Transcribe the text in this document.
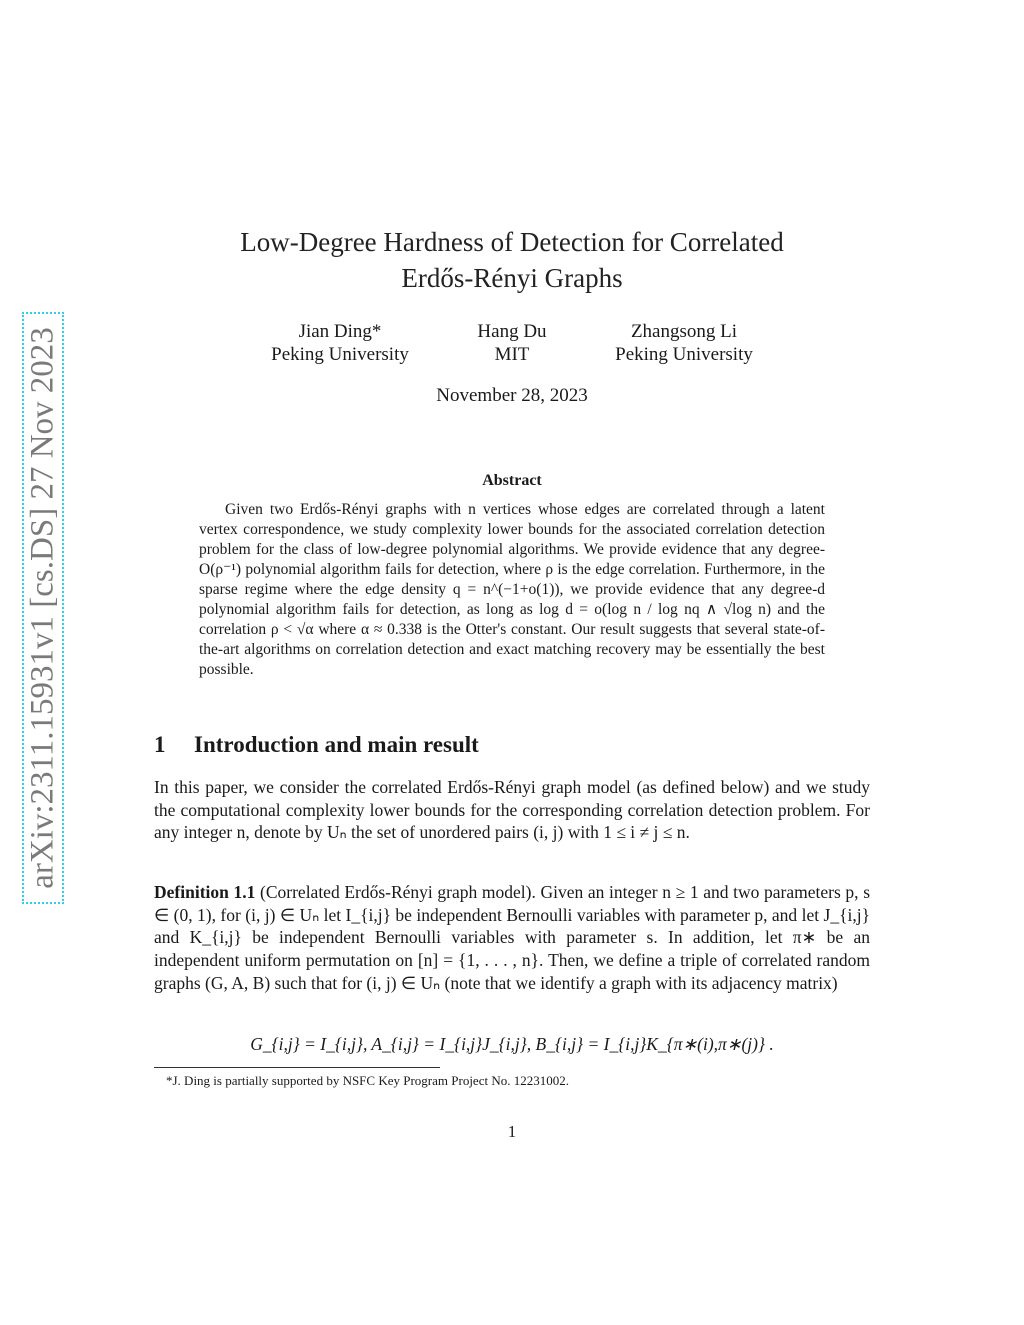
arXiv:2311.15931v1 [cs.DS] 27 Nov 2023
Low-Degree Hardness of Detection for Correlated
Erdős-Rényi Graphs
Jian Ding*
Peking University
Hang Du
MIT
Zhangsong Li
Peking University
November 28, 2023
Abstract

Given two Erdős-Rényi graphs with n vertices whose edges are correlated through a latent vertex correspondence, we study complexity lower bounds for the associated correlation detection problem for the class of low-degree polynomial algorithms. We provide evidence that any degree-O(ρ⁻¹) polynomial algorithm fails for detection, where ρ is the edge correlation. Furthermore, in the sparse regime where the edge density q = n^(−1+o(1)), we provide evidence that any degree-d polynomial algorithm fails for detection, as long as log d = o(log n / log nq ∧ √log n) and the correlation ρ < √α where α ≈ 0.338 is the Otter's constant. Our result suggests that several state-of-the-art algorithms on correlation detection and exact matching recovery may be essentially the best possible.

1 Introduction and main result

In this paper, we consider the correlated Erdős-Rényi graph model (as defined below) and we study the computational complexity lower bounds for the corresponding correlation detection problem. For any integer n, denote by Uₙ the set of unordered pairs (i, j) with 1 ≤ i ≠ j ≤ n.

Definition 1.1 (Correlated Erdős-Rényi graph model). Given an integer n ≥ 1 and two parameters p, s ∈ (0, 1), for (i, j) ∈ Uₙ let I_{i,j} be independent Bernoulli variables with parameter p, and let J_{i,j} and K_{i,j} be independent Bernoulli variables with parameter s. In addition, let π∗ be an independent uniform permutation on [n] = {1, . . . , n}. Then, we define a triple of correlated random graphs (G, A, B) such that for (i, j) ∈ Uₙ (note that we identify a graph with its adjacency matrix)

G_{i,j} = I_{i,j}, A_{i,j} = I_{i,j}J_{i,j}, B_{i,j} = I_{i,j}K_{π∗(i),π∗(j)} .
*J. Ding is partially supported by NSFC Key Program Project No. 12231002.
1
